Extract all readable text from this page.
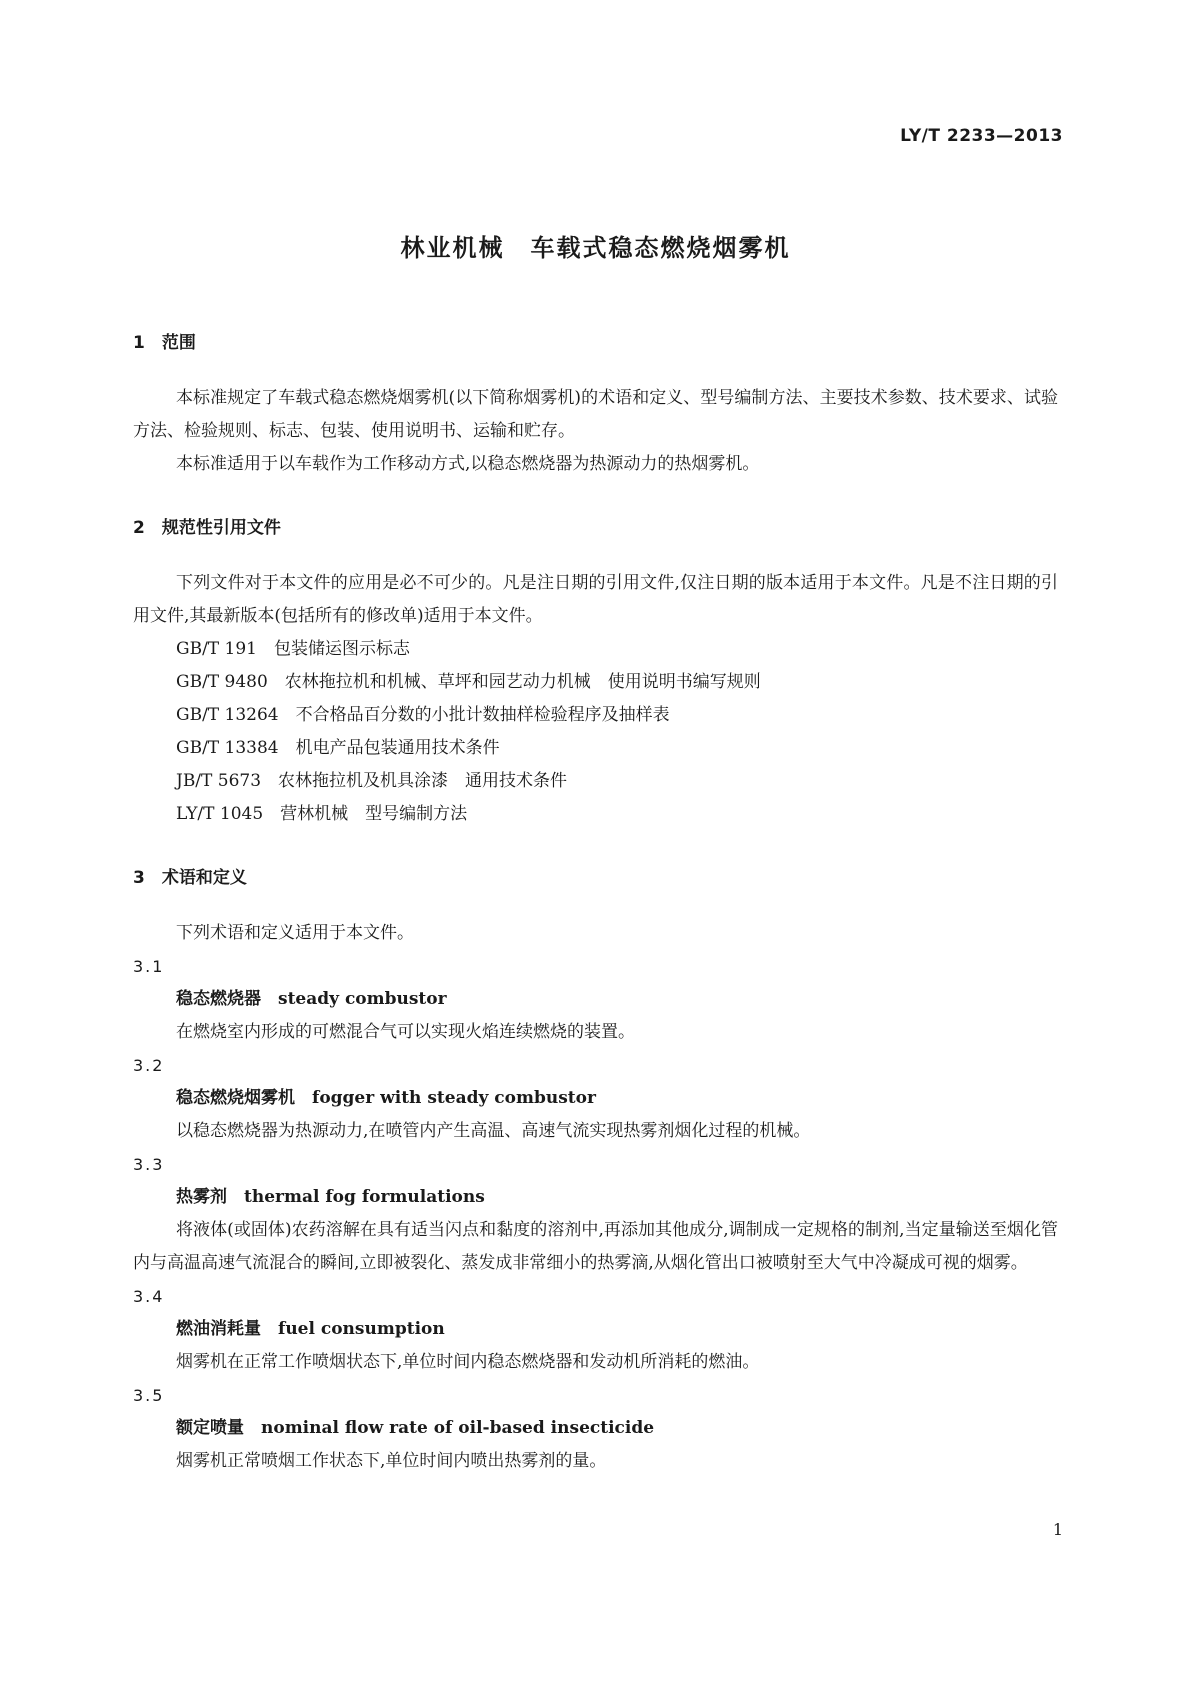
LY/T 2233—2013
林业机械　车载式稳态燃烧烟雾机
1　范围

本标准规定了车载式稳态燃烧烟雾机(以下简称烟雾机)的术语和定义、型号编制方法、主要技术参数、技术要求、试验方法、检验规则、标志、包装、使用说明书、运输和贮存。

本标准适用于以车载作为工作移动方式,以稳态燃烧器为热源动力的热烟雾机。

2　规范性引用文件

下列文件对于本文件的应用是必不可少的。凡是注日期的引用文件,仅注日期的版本适用于本文件。凡是不注日期的引用文件,其最新版本(包括所有的修改单)适用于本文件。

GB/T 191　包装储运图示标志

GB/T 9480　农林拖拉机和机械、草坪和园艺动力机械　使用说明书编写规则

GB/T 13264　不合格品百分数的小批计数抽样检验程序及抽样表

GB/T 13384　机电产品包装通用技术条件

JB/T 5673　农林拖拉机及机具涂漆　通用技术条件

LY/T 1045　营林机械　型号编制方法

3　术语和定义

下列术语和定义适用于本文件。

3.1
稳态燃烧器　 steady combustor

在燃烧室内形成的可燃混合气可以实现火焰连续燃烧的装置。

3.2
稳态燃烧烟雾机　 fogger with steady combustor

以稳态燃烧器为热源动力,在喷管内产生高温、高速气流实现热雾剂烟化过程的机械。

3.3
热雾剂　 thermal fog formulations

将液体(或固体)农药溶解在具有适当闪点和黏度的溶剂中,再添加其他成分,调制成一定规格的制剂,当定量输送至烟化管内与高温高速气流混合的瞬间,立即被裂化、蒸发成非常细小的热雾滴,从烟化管出口被喷射至大气中冷凝成可视的烟雾。

3.4
燃油消耗量　 fuel consumption

烟雾机在正常工作喷烟状态下,单位时间内稳态燃烧器和发动机所消耗的燃油。

3.5
额定喷量　 nominal flow rate of oil-based insecticide

烟雾机正常喷烟工作状态下,单位时间内喷出热雾剂的量。

1
